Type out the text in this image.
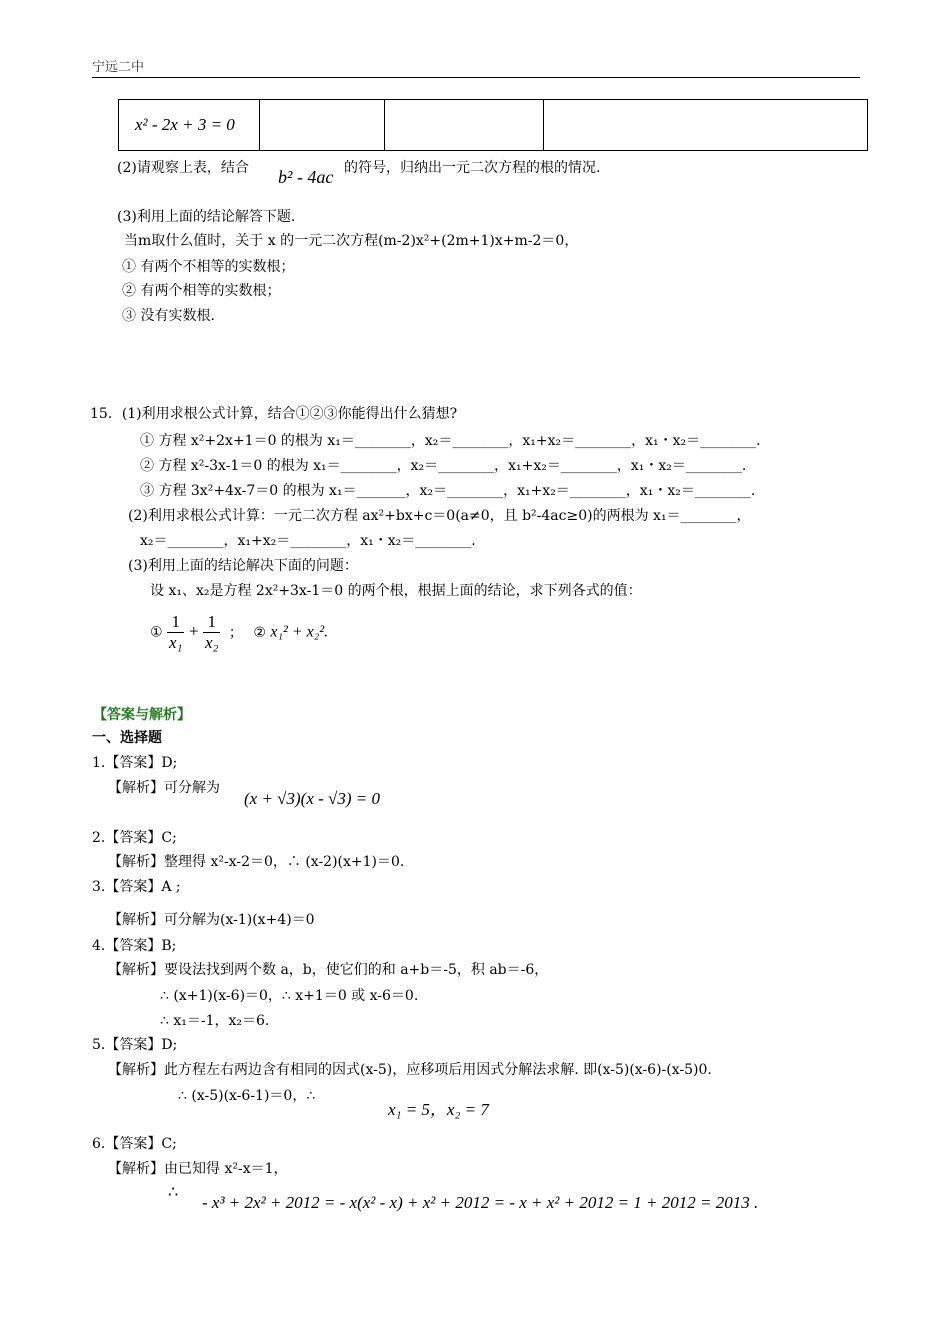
宁远二中
x² - 2x + 3 = 0			
(2)请观察上表，结合 b² - 4ac 的符号，归纳出一元二次方程的根的情况.
(3)利用上面的结论解答下题.
当m取什么值时，关于 x 的一元二次方程(m-2)x²+(2m+1)x+m-2＝0，
① 有两个不相等的实数根；
② 有两个相等的实数根；
③ 没有实数根.
15．(1)利用求根公式计算，结合①②③你能得出什么猜想?
① 方程 x²+2x+1＝0 的根为 x₁＝________，x₂＝________，x₁+x₂＝________，x₁・x₂＝________.
② 方程 x²-3x-1＝0 的根为 x₁＝________，x₂＝________，x₁+x₂＝________，x₁・x₂＝________.
③ 方程 3x²+4x-7＝0 的根为 x₁＝_______，x₂＝________，x₁+x₂＝________，x₁・x₂＝________.
(2)利用求根公式计算：一元二次方程 ax²+bx+c＝0(a≠0，且 b²-4ac≥0)的两根为 x₁＝________，
x₂＝________，x₁+x₂＝________，x₁・x₂＝________.
(3)利用上面的结论解决下面的问题：
设 x₁、x₂是方程 2x²+3x-1＝0 的两个根，根据上面的结论，求下列各式的值：
① $\frac{1}{\text{x₁}} + \frac{1}{\text{x₂}}$ ； ② x₁² + x₂².
【答案与解析】
一、选择题
1.【答案】D;
【解析】可分解为
(x + √3)(x - √3) = 0
2.【答案】C;
【解析】整理得 x²-x-2＝0，∴ (x-2)(x+1)＝0.
3.【答案】A ;
【解析】可分解为(x-1)(x+4)＝0
4.【答案】B;
【解析】要设法找到两个数 a，b，使它们的和 a+b＝-5，积 ab＝-6，
∴ (x+1)(x-6)＝0，∴ x+1＝0 或 x-6＝0.
∴ x₁＝-1，x₂＝6.
5.【答案】D;
【解析】此方程左右两边含有相同的因式(x-5)，应移项后用因式分解法求解. 即(x-5)(x-6)-(x-5)0.
∴ (x-5)(x-6-1)＝0，∴
x₁ = 5，x₂ = 7
6.【答案】C;
【解析】由已知得 x²-x＝1，
∴
- x³ + 2x² + 2012 = - x(x² - x) + x² + 2012 = - x + x² + 2012 = 1 + 2012 = 2013 .
